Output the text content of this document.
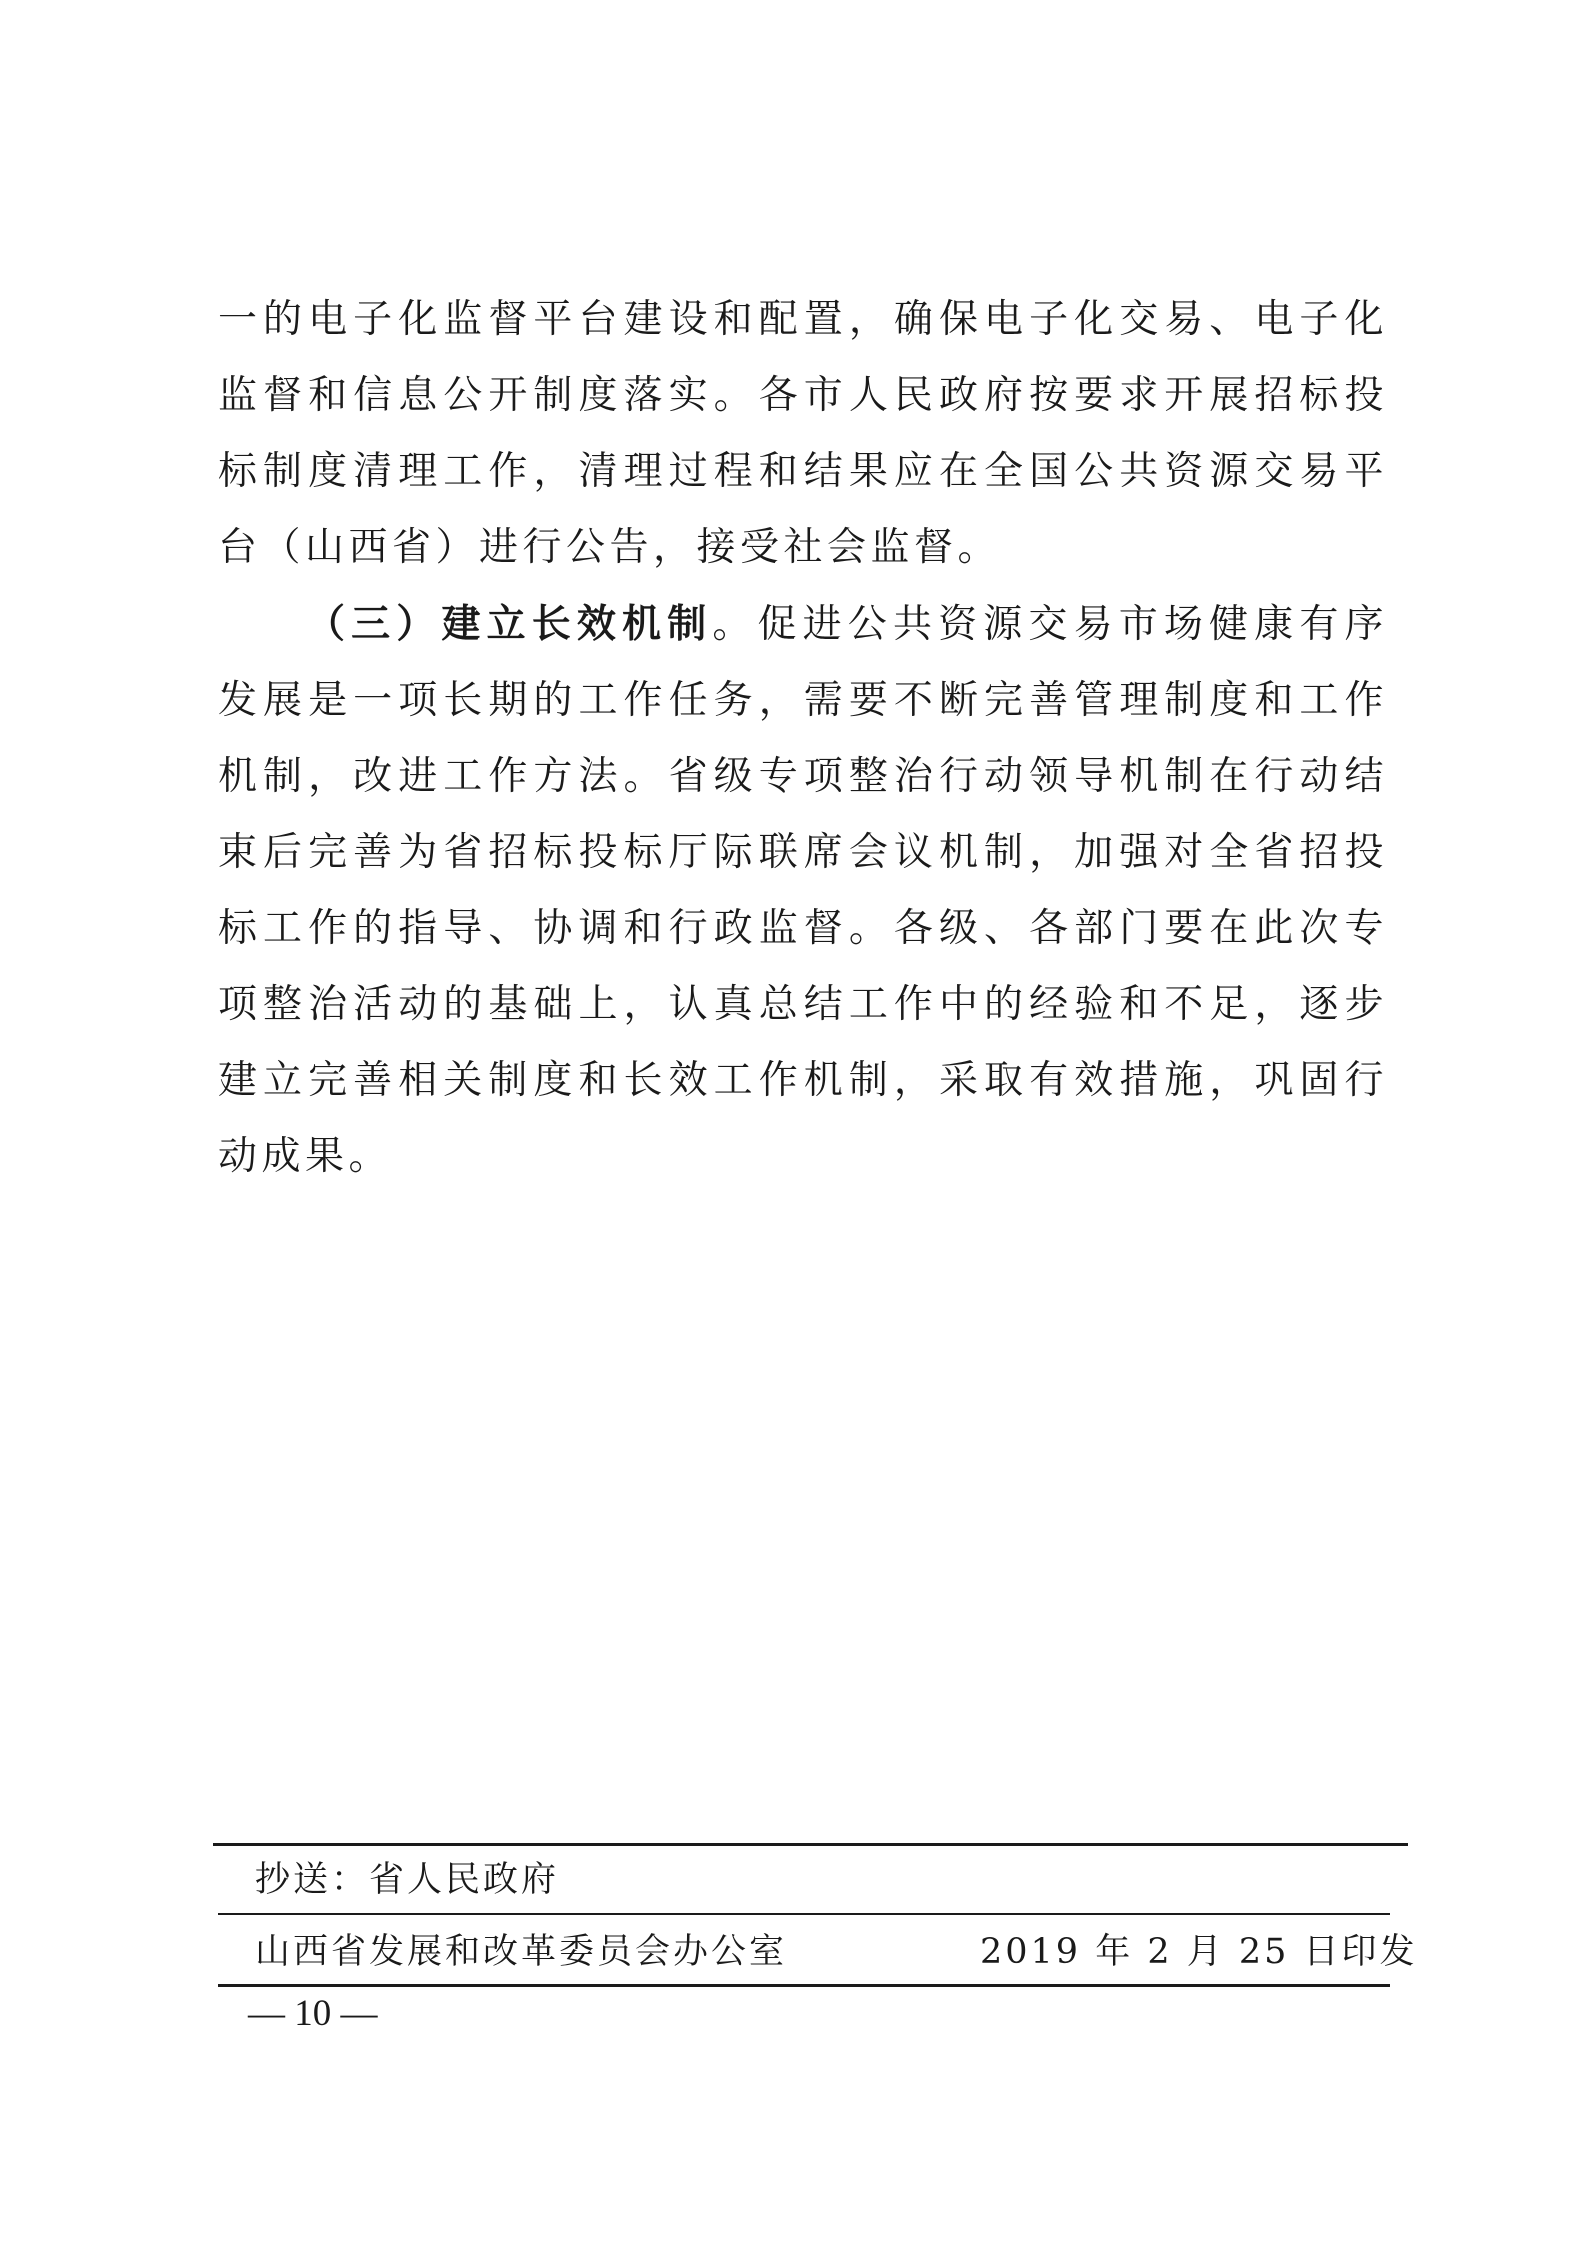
一的电子化监督平台建设和配置，确保电子化交易、电子化监督和信息公开制度落实。各市人民政府按要求开展招标投标制度清理工作，清理过程和结果应在全国公共资源交易平台（山西省）进行公告，接受社会监督。

（三）建立长效机制。促进公共资源交易市场健康有序发展是一项长期的工作任务，需要不断完善管理制度和工作机制，改进工作方法。省级专项整治行动领导机制在行动结束后完善为省招标投标厅际联席会议机制，加强对全省招投标工作的指导、协调和行政监督。各级、各部门要在此次专项整治活动的基础上，认真总结工作中的经验和不足，逐步建立完善相关制度和长效工作机制，采取有效措施，巩固行动成果。

抄送：省人民政府
山西省发展和改革委员会办公室	2019 年 2 月 25 日印发
— 10 —
